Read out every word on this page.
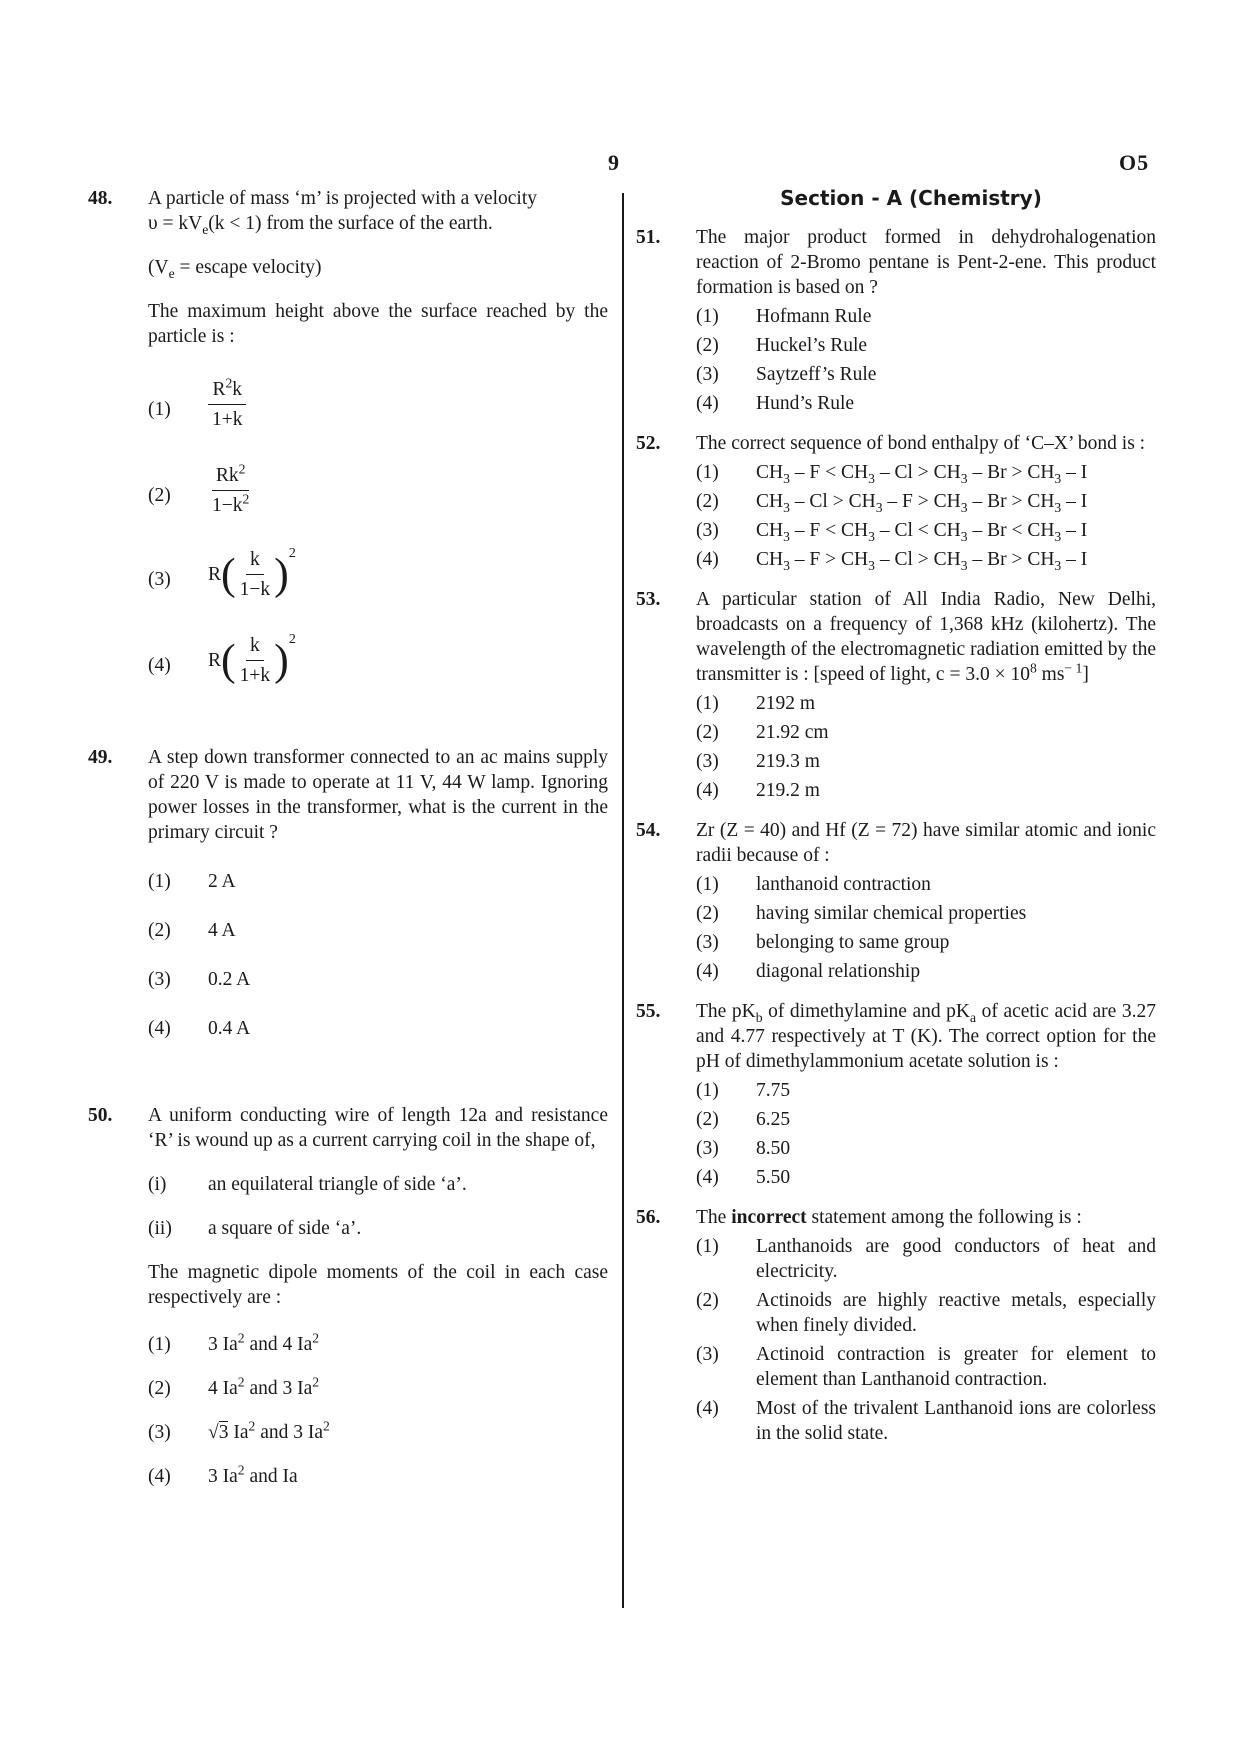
9	O5
48. A particle of mass ‘m’ is projected with a velocity
$\upsilon = kV_e(k < 1)$ from the surface of the earth.
($V_e$ = escape velocity)
The maximum height above the surface reached by the particle is :
$(1) \frac{R^2k}{1+k}$
$(2) \frac{Rk^2}{1-k^2}$
(3) $R( \frac{k}{1-k} )^2$
(4) $R( \frac{k}{1+k} )^2$
49. A step down transformer connected to an ac mains supply of 220 V is made to operate at 11 V, 44 W lamp. Ignoring power losses in the transformer, what is the current in the primary circuit ?
(1) 2 A
(2) 4 A
(3) 0.2 A
(4) 0.4 A
50. A uniform conducting wire of length 12a and resistance ‘R’ is wound up as a current carrying coil in the shape of,
(i) an equilateral triangle of side ‘a’.
(ii) a square of side ‘a’.
The magnetic dipole moments of the coil in each case respectively are :
(1) 3 Ia$^2$ and 4 Ia$^2$
(2) 4 Ia$^2$ and 3 Ia$^2$
(3) √3 Ia$^2$ and 3 Ia$^2$
(4) 3 Ia$^2$ and Ia
Section - A (Chemistry)
51. The major product formed in dehydrohalogenation reaction of 2-Bromo pentane is Pent-2-ene. This product formation is based on ?
(1) Hofmann Rule
(2) Huckel’s Rule
(3) Saytzeff’s Rule
(4) Hund’s Rule
52. The correct sequence of bond enthalpy of ‘C–X’ bond is :
(1) $CH_3 - F < CH_3 - Cl > CH_3 - Br > CH_3 - I$
(2) $CH_3 - Cl > CH_3 - F > CH_3 - Br > CH_3 - I$
(3) $CH_3 - F < CH_3 - Cl < CH_3 - Br < CH_3 - I$
(4) $CH_3 - F > CH_3 - Cl > CH_3 - Br > CH_3 - I$
53. A particular station of All India Radio, New Delhi, broadcasts on a frequency of 1,368 kHz (kilohertz). The wavelength of the electromagnetic radiation emitted by the transmitter is : [speed of light, $c = 3.0 \times 10^8$ $ms^{- 1}$]
(1) 2192 m
(2) 21.92 cm
(3) 219.3 m
(4) 219.2 m
54. Zr (Z = 40) and Hf (Z = 72) have similar atomic and ionic radii because of :
(1) lanthanoid contraction
(2) having similar chemical properties
(3) belonging to same group
(4) diagonal relationship
55. The $pK_b$ of dimethylamine and $pK_a$ of acetic acid are 3.27 and 4.77 respectively at T (K). The correct option for the pH of dimethylammonium acetate solution is :
(1) 7.75
(2) 6.25
(3) 8.50
(4) 5.50
56. The incorrect statement among the following is :
(1) Lanthanoids are good conductors of heat and electricity.
(2) Actinoids are highly reactive metals, especially when finely divided.
(3) Actinoid contraction is greater for element to element than Lanthanoid contraction.
(4) Most of the trivalent Lanthanoid ions are colorless in the solid state.
